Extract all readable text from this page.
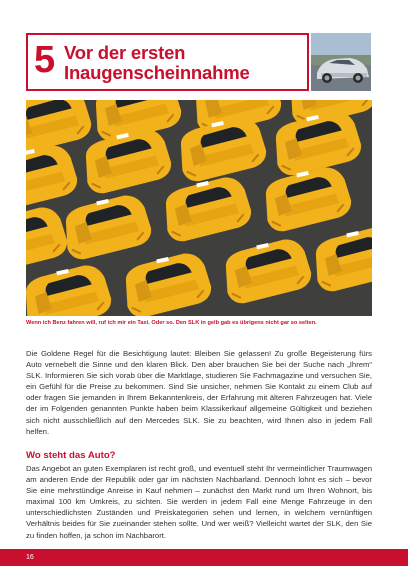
5 Vor der ersten Inaugenscheinnahme
Wenn ich Benz fahren will, ruf ich mir ein Taxi. Oder so. Den SLK in gelb gab es übrigens nicht gar so selten.

Die Goldene Regel für die Besichtigung lautet: Bleiben Sie gelassen! Zu große Begeisterung fürs Auto vernebelt die Sinne und den klaren Blick. Den aber brauchen Sie bei der Suche nach „Ihrem“ SLK. Informieren Sie sich vorab über die Marktlage, studieren Sie Fachmagazine und versuchen Sie, ein Gefühl für die Preise zu bekommen. Sind Sie unsicher, nehmen Sie Kontakt zu einem Club auf oder fragen Sie jemanden in Ihrem Bekanntenkreis, der Erfahrung mit älteren Fahrzeugen hat. Viele der im Folgenden genannten Punkte haben beim Klassikerkauf allgemeine Gültigkeit und beziehen sich nicht ausschließlich auf den Mercedes SLK. Sie zu beachten, wird Ihnen also in jedem Fall helfen.

Wo steht das Auto?

Das Angebot an guten Exemplaren ist recht groß, und eventuell steht Ihr vermeintlicher Traumwagen am anderen Ende der Republik oder gar im nächsten Nachbarland. Dennoch lohnt es sich – bevor Sie eine mehrstündige Anreise in Kauf nehmen – zunächst den Markt rund um Ihren Wohnort, bis maximal 100 km Umkreis, zu sichten. Sie werden in jedem Fall eine Menge Fahrzeuge in den unterschiedlichsten Zuständen und Preiskategorien sehen und lernen, in welchem vernünftigen Verhältnis beides für Sie zueinander stehen sollte. Und wer weiß? Vielleicht wartet der SLK, den Sie zu finden hoffen, ja schon im Nachbarort.

16
